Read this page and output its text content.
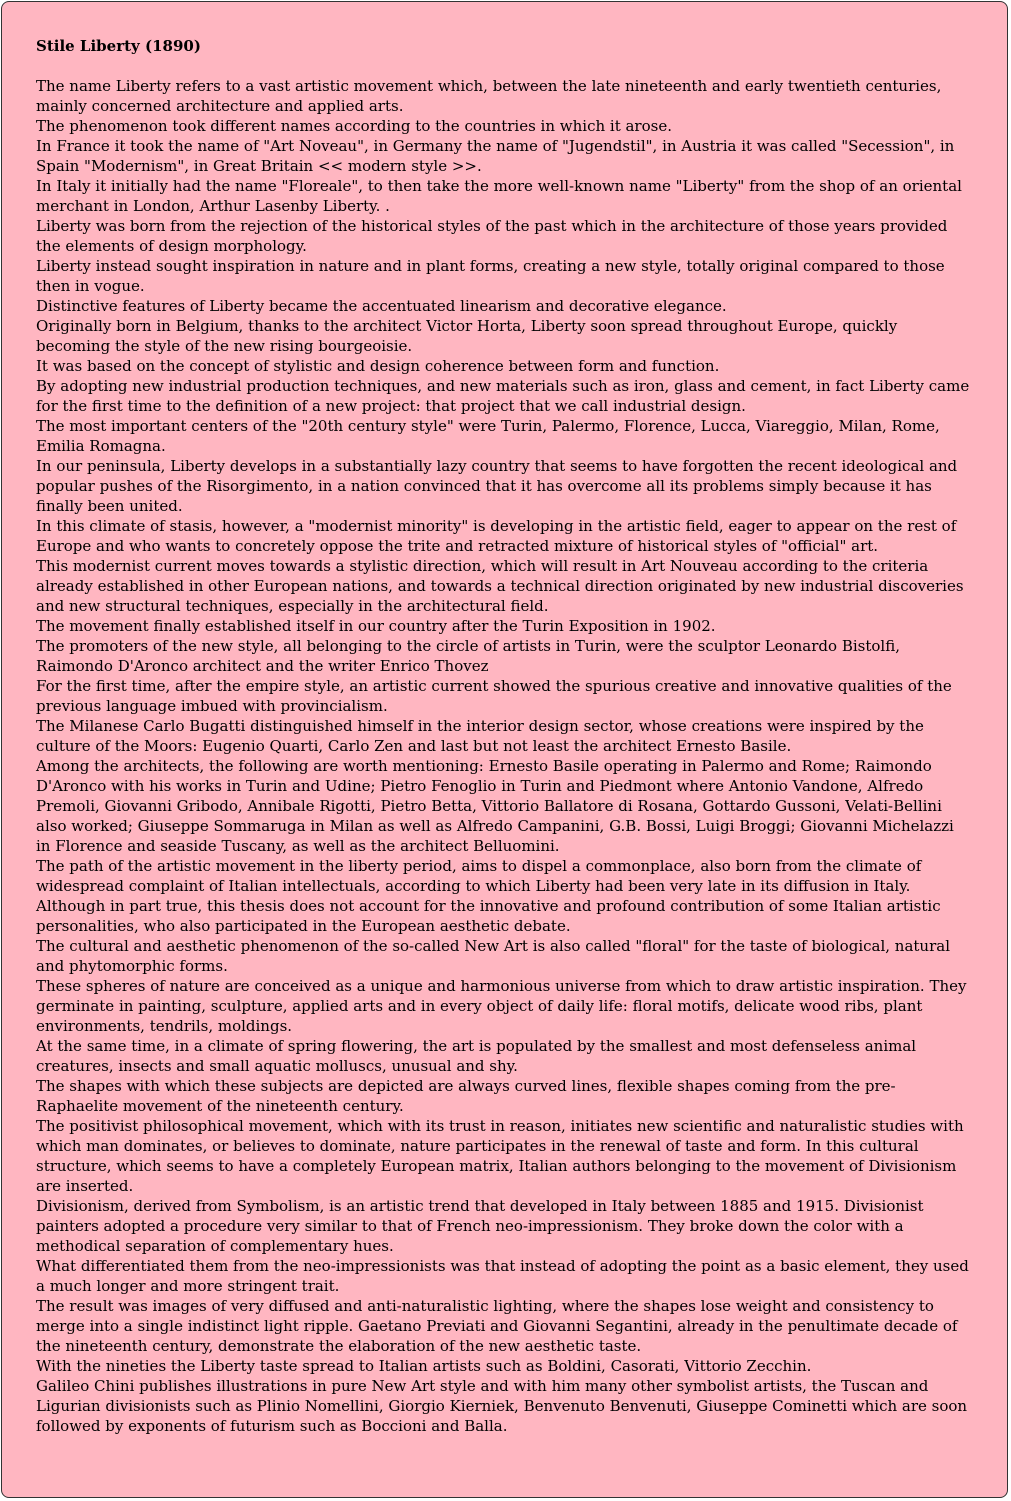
Stile Liberty (1890)

The name Liberty refers to a vast artistic movement which, between the late nineteenth and early twentieth centuries, mainly concerned architecture and applied arts.

The phenomenon took different names according to the countries in which it arose.

In France it took the name of "Art Noveau", in Germany the name of "Jugendstil", in Austria it was called "Secession", in Spain "Modernism", in Great Britain << modern style >>.

In Italy it initially had the name "Floreale", to then take the more well-known name "Liberty" from the shop of an oriental merchant in London, Arthur Lasenby Liberty. .

Liberty was born from the rejection of the historical styles of the past which in the architecture of those years provided the elements of design morphology.

Liberty instead sought inspiration in nature and in plant forms, creating a new style, totally original compared to those then in vogue.

Distinctive features of Liberty became the accentuated linearism and decorative elegance.

Originally born in Belgium, thanks to the architect Victor Horta, Liberty soon spread throughout Europe, quickly becoming the style of the new rising bourgeoisie.

It was based on the concept of stylistic and design coherence between form and function.

By adopting new industrial production techniques, and new materials such as iron, glass and cement, in fact Liberty came for the first time to the definition of a new project: that project that we call industrial design.

The most important centers of the "20th century style" were Turin, Palermo, Florence, Lucca, Viareggio, Milan, Rome, Emilia Romagna.

In our peninsula, Liberty develops in a substantially lazy country that seems to have forgotten the recent ideological and popular pushes of the Risorgimento, in a nation convinced that it has overcome all its problems simply because it has finally been united.

In this climate of stasis, however, a "modernist minority" is developing in the artistic field, eager to appear on the rest of Europe and who wants to concretely oppose the trite and retracted mixture of historical styles of "official" art.

This modernist current moves towards a stylistic direction, which will result in Art Nouveau according to the criteria already established in other European nations, and towards a technical direction originated by new industrial discoveries and new structural techniques, especially in the architectural field.

The movement finally established itself in our country after the Turin Exposition in 1902.

The promoters of the new style, all belonging to the circle of artists in Turin, were the sculptor Leonardo Bistolfi, Raimondo D'Aronco architect and the writer Enrico Thovez

For the first time, after the empire style, an artistic current showed the spurious creative and innovative qualities of the previous language imbued with provincialism.

The Milanese Carlo Bugatti distinguished himself in the interior design sector, whose creations were inspired by the culture of the Moors: Eugenio Quarti, Carlo Zen and last but not least the architect Ernesto Basile.

Among the architects, the following are worth mentioning: Ernesto Basile operating in Palermo and Rome; Raimondo D'Aronco with his works in Turin and Udine; Pietro Fenoglio in Turin and Piedmont where Antonio Vandone, Alfredo Premoli, Giovanni Gribodo, Annibale Rigotti, Pietro Betta, Vittorio Ballatore di Rosana, Gottardo Gussoni, Velati-Bellini also worked; Giuseppe Sommaruga in Milan as well as Alfredo Campanini, G.B. Bossi, Luigi Broggi; Giovanni Michelazzi in Florence and seaside Tuscany, as well as the architect Belluomini.

The path of the artistic movement in the liberty period, aims to dispel a commonplace, also born from the climate of widespread complaint of Italian intellectuals, according to which Liberty had been very late in its diffusion in Italy. Although in part true, this thesis does not account for the innovative and profound contribution of some Italian artistic personalities, who also participated in the European aesthetic debate.

The cultural and aesthetic phenomenon of the so-called New Art is also called "floral" for the taste of biological, natural and phytomorphic forms.

These spheres of nature are conceived as a unique and harmonious universe from which to draw artistic inspiration. They germinate in painting, sculpture, applied arts and in every object of daily life: floral motifs, delicate wood ribs, plant environments, tendrils, moldings.

At the same time, in a climate of spring flowering, the art is populated by the smallest and most defenseless animal creatures, insects and small aquatic molluscs, unusual and shy.

The shapes with which these subjects are depicted are always curved lines, flexible shapes coming from the pre-Raphaelite movement of the nineteenth century.

The positivist philosophical movement, which with its trust in reason, initiates new scientific and naturalistic studies with which man dominates, or believes to dominate, nature participates in the renewal of taste and form. In this cultural structure, which seems to have a completely European matrix, Italian authors belonging to the movement of Divisionism are inserted.

Divisionism, derived from Symbolism, is an artistic trend that developed in Italy between 1885 and 1915. Divisionist painters adopted a procedure very similar to that of French neo-impressionism. They broke down the color with a methodical separation of complementary hues.

What differentiated them from the neo-impressionists was that instead of adopting the point as a basic element, they used a much longer and more stringent trait.

The result was images of very diffused and anti-naturalistic lighting, where the shapes lose weight and consistency to merge into a single indistinct light ripple. Gaetano Previati and Giovanni Segantini, already in the penultimate decade of the nineteenth century, demonstrate the elaboration of the new aesthetic taste.

With the nineties the Liberty taste spread to Italian artists such as Boldini, Casorati, Vittorio Zecchin.

Galileo Chini publishes illustrations in pure New Art style and with him many other symbolist artists, the Tuscan and Ligurian divisionists such as Plinio Nomellini, Giorgio Kierniek, Benvenuto Benvenuti, Giuseppe Cominetti which are soon followed by exponents of futurism such as Boccioni and Balla.
